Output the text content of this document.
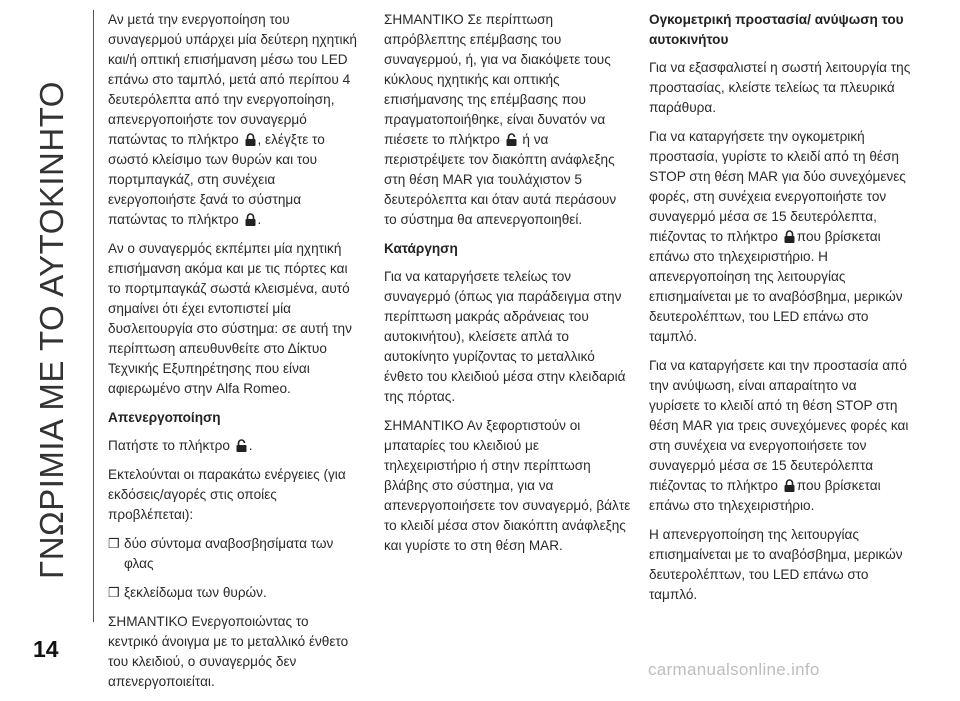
ΓΝΩΡΙΜΙΑ ΜΕ ΤΟ ΑΥΤΟΚΙΝΗΤΟ
14
carmanualsonline.info

Αν μετά την ενεργοποίηση του συναγερμού υπάρχει μία δεύτερη ηχητική και/ή οπτική επισήμανση μέσω του LED επάνω στο ταμπλό, μετά από περίπου 4 δευτερόλεπτα από την ενεργοποίηση, απενεργοποιήστε τον συναγερμό πατώντας το πλήκτρο , ελέγξτε το σωστό κλείσιμο των θυρών και του πορτμπαγκάζ, στη συνέχεια ενεργοποιήστε ξανά το σύστημα πατώντας το πλήκτρο .

Αν ο συναγερμός εκπέμπει μία ηχητική επισήμανση ακόμα και με τις πόρτες και το πορτμπαγκάζ σωστά κλεισμένα, αυτό σημαίνει ότι έχει εντοπιστεί μία δυσλειτουργία στο σύστημα: σε αυτή την περίπτωση απευθυνθείτε στο Δίκτυο Τεχνικής Εξυπηρέτησης που είναι αφιερωμένο στην Alfa Romeo.

Απενεργοποίηση

Πατήστε το πλήκτρο .

Εκτελούνται οι παρακάτω ενέργειες (για εκδόσεις/αγορές στις οποίες προβλέπεται):

❒ δύο σύντομα αναβοσβησίματα των φλας
❒ ξεκλείδωμα των θυρών.

ΣΗΜΑΝΤΙΚΟ Ενεργοποιώντας το κεντρικό άνοιγμα με το μεταλλικό ένθετο του κλειδιού, ο συναγερμός δεν απενεργοποιείται.

ΣΗΜΑΝΤΙΚΟ Σε περίπτωση απρόβλεπτης επέμβασης του συναγερμού, ή, για να διακόψετε τους κύκλους ηχητικής και οπτικής επισήμανσης της επέμβασης που πραγματοποιήθηκε, είναι δυνατόν να πιέσετε το πλήκτρο ή να περιστρέψετε τον διακόπτη ανάφλεξης στη θέση MAR για τουλάχιστον 5 δευτερόλεπτα και όταν αυτά περάσουν το σύστημα θα απενεργοποιηθεί.

Κατάργηση

Για να καταργήσετε τελείως τον συναγερμό (όπως για παράδειγμα στην περίπτωση μακράς αδράνειας του αυτοκινήτου), κλείσετε απλά το αυτοκίνητο γυρίζοντας το μεταλλικό ένθετο του κλειδιού μέσα στην κλειδαριά της πόρτας.

ΣΗΜΑΝΤΙΚΟ Αν ξεφορτιστούν οι μπαταρίες του κλειδιού με τηλεχειριστήριο ή στην περίπτωση βλάβης στο σύστημα, για να απενεργοποιήσετε τον συναγερμό, βάλτε το κλειδί μέσα στον διακόπτη ανάφλεξης και γυρίστε το στη θέση MAR.

Ογκομετρική προστασία/ ανύψωση του αυτοκινήτου

Για να εξασφαλιστεί η σωστή λειτουργία της προστασίας, κλείστε τελείως τα πλευρικά παράθυρα.

Για να καταργήσετε την ογκομετρική προστασία, γυρίστε το κλειδί από τη θέση STOP στη θέση MAR για δύο συνεχόμενες φορές, στη συνέχεια ενεργοποιήστε τον συναγερμό μέσα σε 15 δευτερόλεπτα, πιέζοντας το πλήκτρο που βρίσκεται επάνω στο τηλεχειριστήριο. Η απενεργοποίηση της λειτουργίας επισημαίνεται με το αναβόσβημα, μερικών δευτερολέπτων, του LED επάνω στο ταμπλό.

Για να καταργήσετε και την προστασία από την ανύψωση, είναι απαραίτητο να γυρίσετε το κλειδί από τη θέση STOP στη θέση MAR για τρεις συνεχόμενες φορές και στη συνέχεια να ενεργοποιήσετε τον συναγερμό μέσα σε 15 δευτερόλεπτα πιέζοντας το πλήκτρο που βρίσκεται επάνω στο τηλεχειριστήριο.

Η απενεργοποίηση της λειτουργίας επισημαίνεται με το αναβόσβημα, μερικών δευτερολέπτων, του LED επάνω στο ταμπλό.
